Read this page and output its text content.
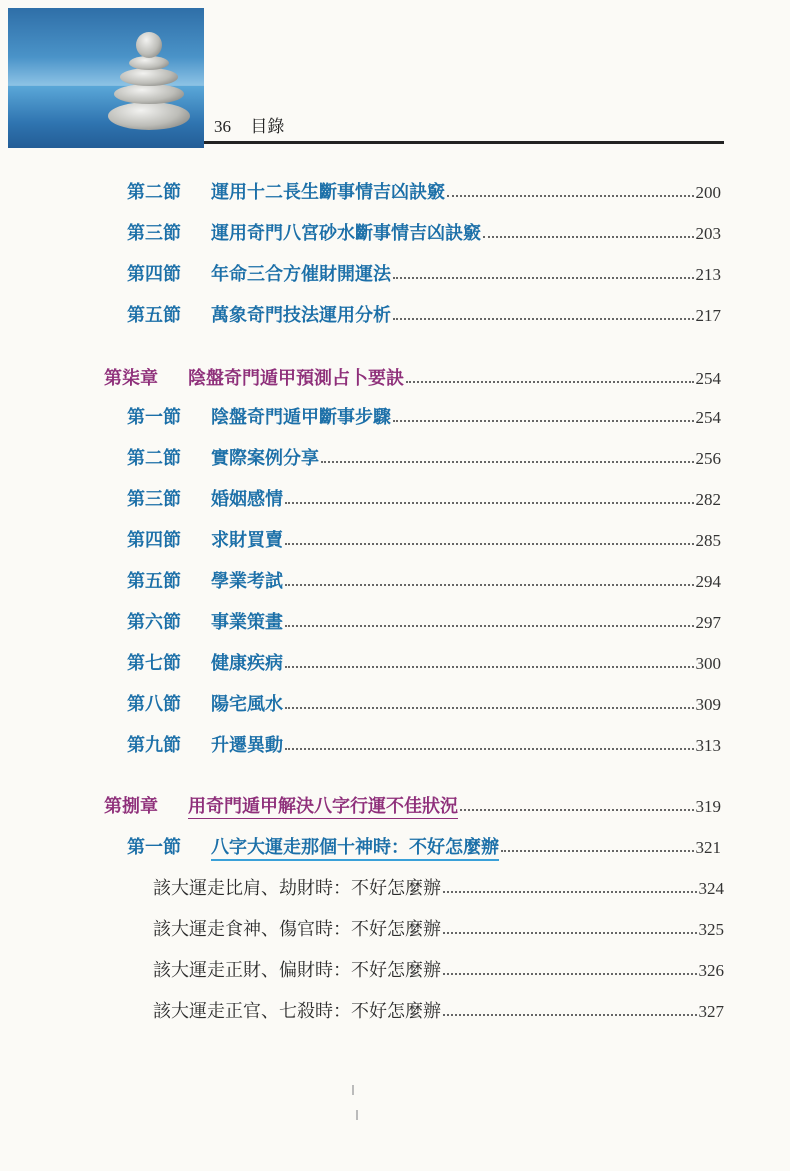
36 目錄
第二節	運用十二長生斷事情吉凶訣竅	200
第三節	運用奇門八宮砂水斷事情吉凶訣竅	203
第四節	年命三合方催財開運法	213
第五節	萬象奇門技法運用分析	217
第柒章	陰盤奇門遁甲預測占卜要訣	254
第一節	陰盤奇門遁甲斷事步驟	254
第二節	實際案例分享	256
第三節	婚姻感情	282
第四節	求財買賣	285
第五節	學業考試	294
第六節	事業策畫	297
第七節	健康疾病	300
第八節	陽宅風水	309
第九節	升遷異動	313
第捌章	用奇門遁甲解決八字行運不佳狀況	319
第一節	八字大運走那個十神時：不好怎麼辦	321
該大運走比肩、劫財時：不好怎麼辦	324
該大運走食神、傷官時：不好怎麼辦	325
該大運走正財、偏財時：不好怎麼辦	326
該大運走正官、七殺時：不好怎麼辦	327
